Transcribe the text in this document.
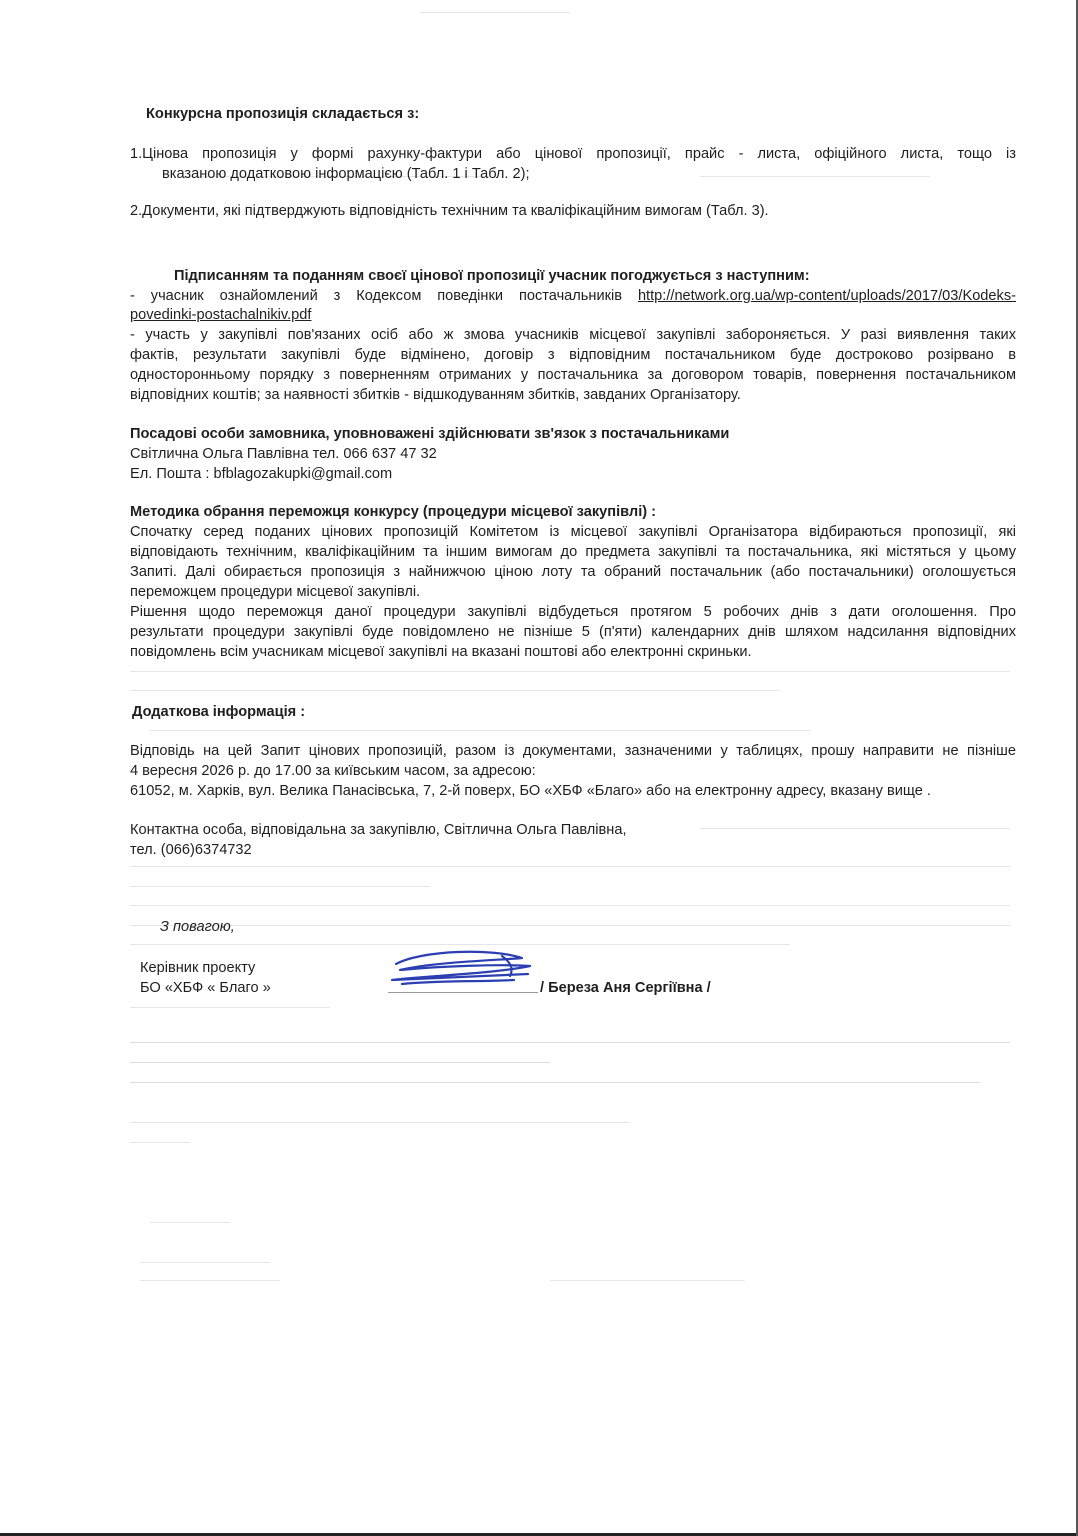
Конкурсна пропозиція складається з:
1.Цінова пропозиція у формі рахунку-фактури або цінової пропозиції, прайс - листа, офіційного листа, тощо із
вказаною додатковою інформацією (Табл. 1 і Табл. 2);
2.Документи, які підтверджують відповідність технічним та кваліфікаційним вимогам (Табл. 3).
Підписанням та поданням своєї цінової пропозиції учасник погоджується з наступним:
- учасник ознайомлений з Кодексом поведінки постачальників http://network.org.ua/wp-content/uploads/2017/03/Kodeks-
povedinki-postachalnikiv.pdf
- участь у закупівлі пов'язаних осіб або ж змова учасників місцевої закупівлі забороняється. У разі виявлення таких
фактів, результати закупівлі буде відмінено, договір з відповідним постачальником буде достроково розірвано в
односторонньому порядку з поверненням отриманих у постачальника за договором товарів, повернення постачальником
відповідних коштів; за наявності збитків - відшкодуванням збитків, завданих Організатору.
Посадові особи замовника, уповноважені здійснювати зв'язок з постачальниками
Світлична Ольга Павлівна тел. 066 637 47 32
Ел. Пошта : bfblagozakupki@gmail.com
Методика обрання переможця конкурсу (процедури місцевої закупівлі) :
Спочатку серед поданих цінових пропозицій Комітетом із місцевої закупівлі Організатора відбираються пропозиції, які
відповідають технічним, кваліфікаційним та іншим вимогам до предмета закупівлі та постачальника, які містяться у цьому
Запиті. Далі обирається пропозиція з найнижчою ціною лоту та обраний постачальник (або постачальники) оголошується
переможцем процедури місцевої закупівлі.
Рішення щодо переможця даної процедури закупівлі відбудеться протягом 5 робочих днів з дати оголошення. Про
результати процедури закупівлі буде повідомлено не пізніше 5 (п'яти) календарних днів шляхом надсилання відповідних
повідомлень всім учасникам місцевої закупівлі на вказані поштові або електронні скриньки.
Додаткова інформація :
Відповідь на цей Запит цінових пропозицій, разом із документами, зазначеними у таблицях, прошу направити не пізніше
4 вересня 2026 р. до 17.00 за київським часом, за адресою:
61052, м. Харків, вул. Велика Панасівська, 7, 2-й поверх, БО «ХБФ «Благо» або на електронну адресу, вказану вище .
Контактна особа, відповідальна за закупівлю, Світлична Ольга Павлівна,
тел. (066)6374732
З повагою,
Керівник проекту
БО «ХБФ « Благо »	/ Береза Аня Сергіївна /
